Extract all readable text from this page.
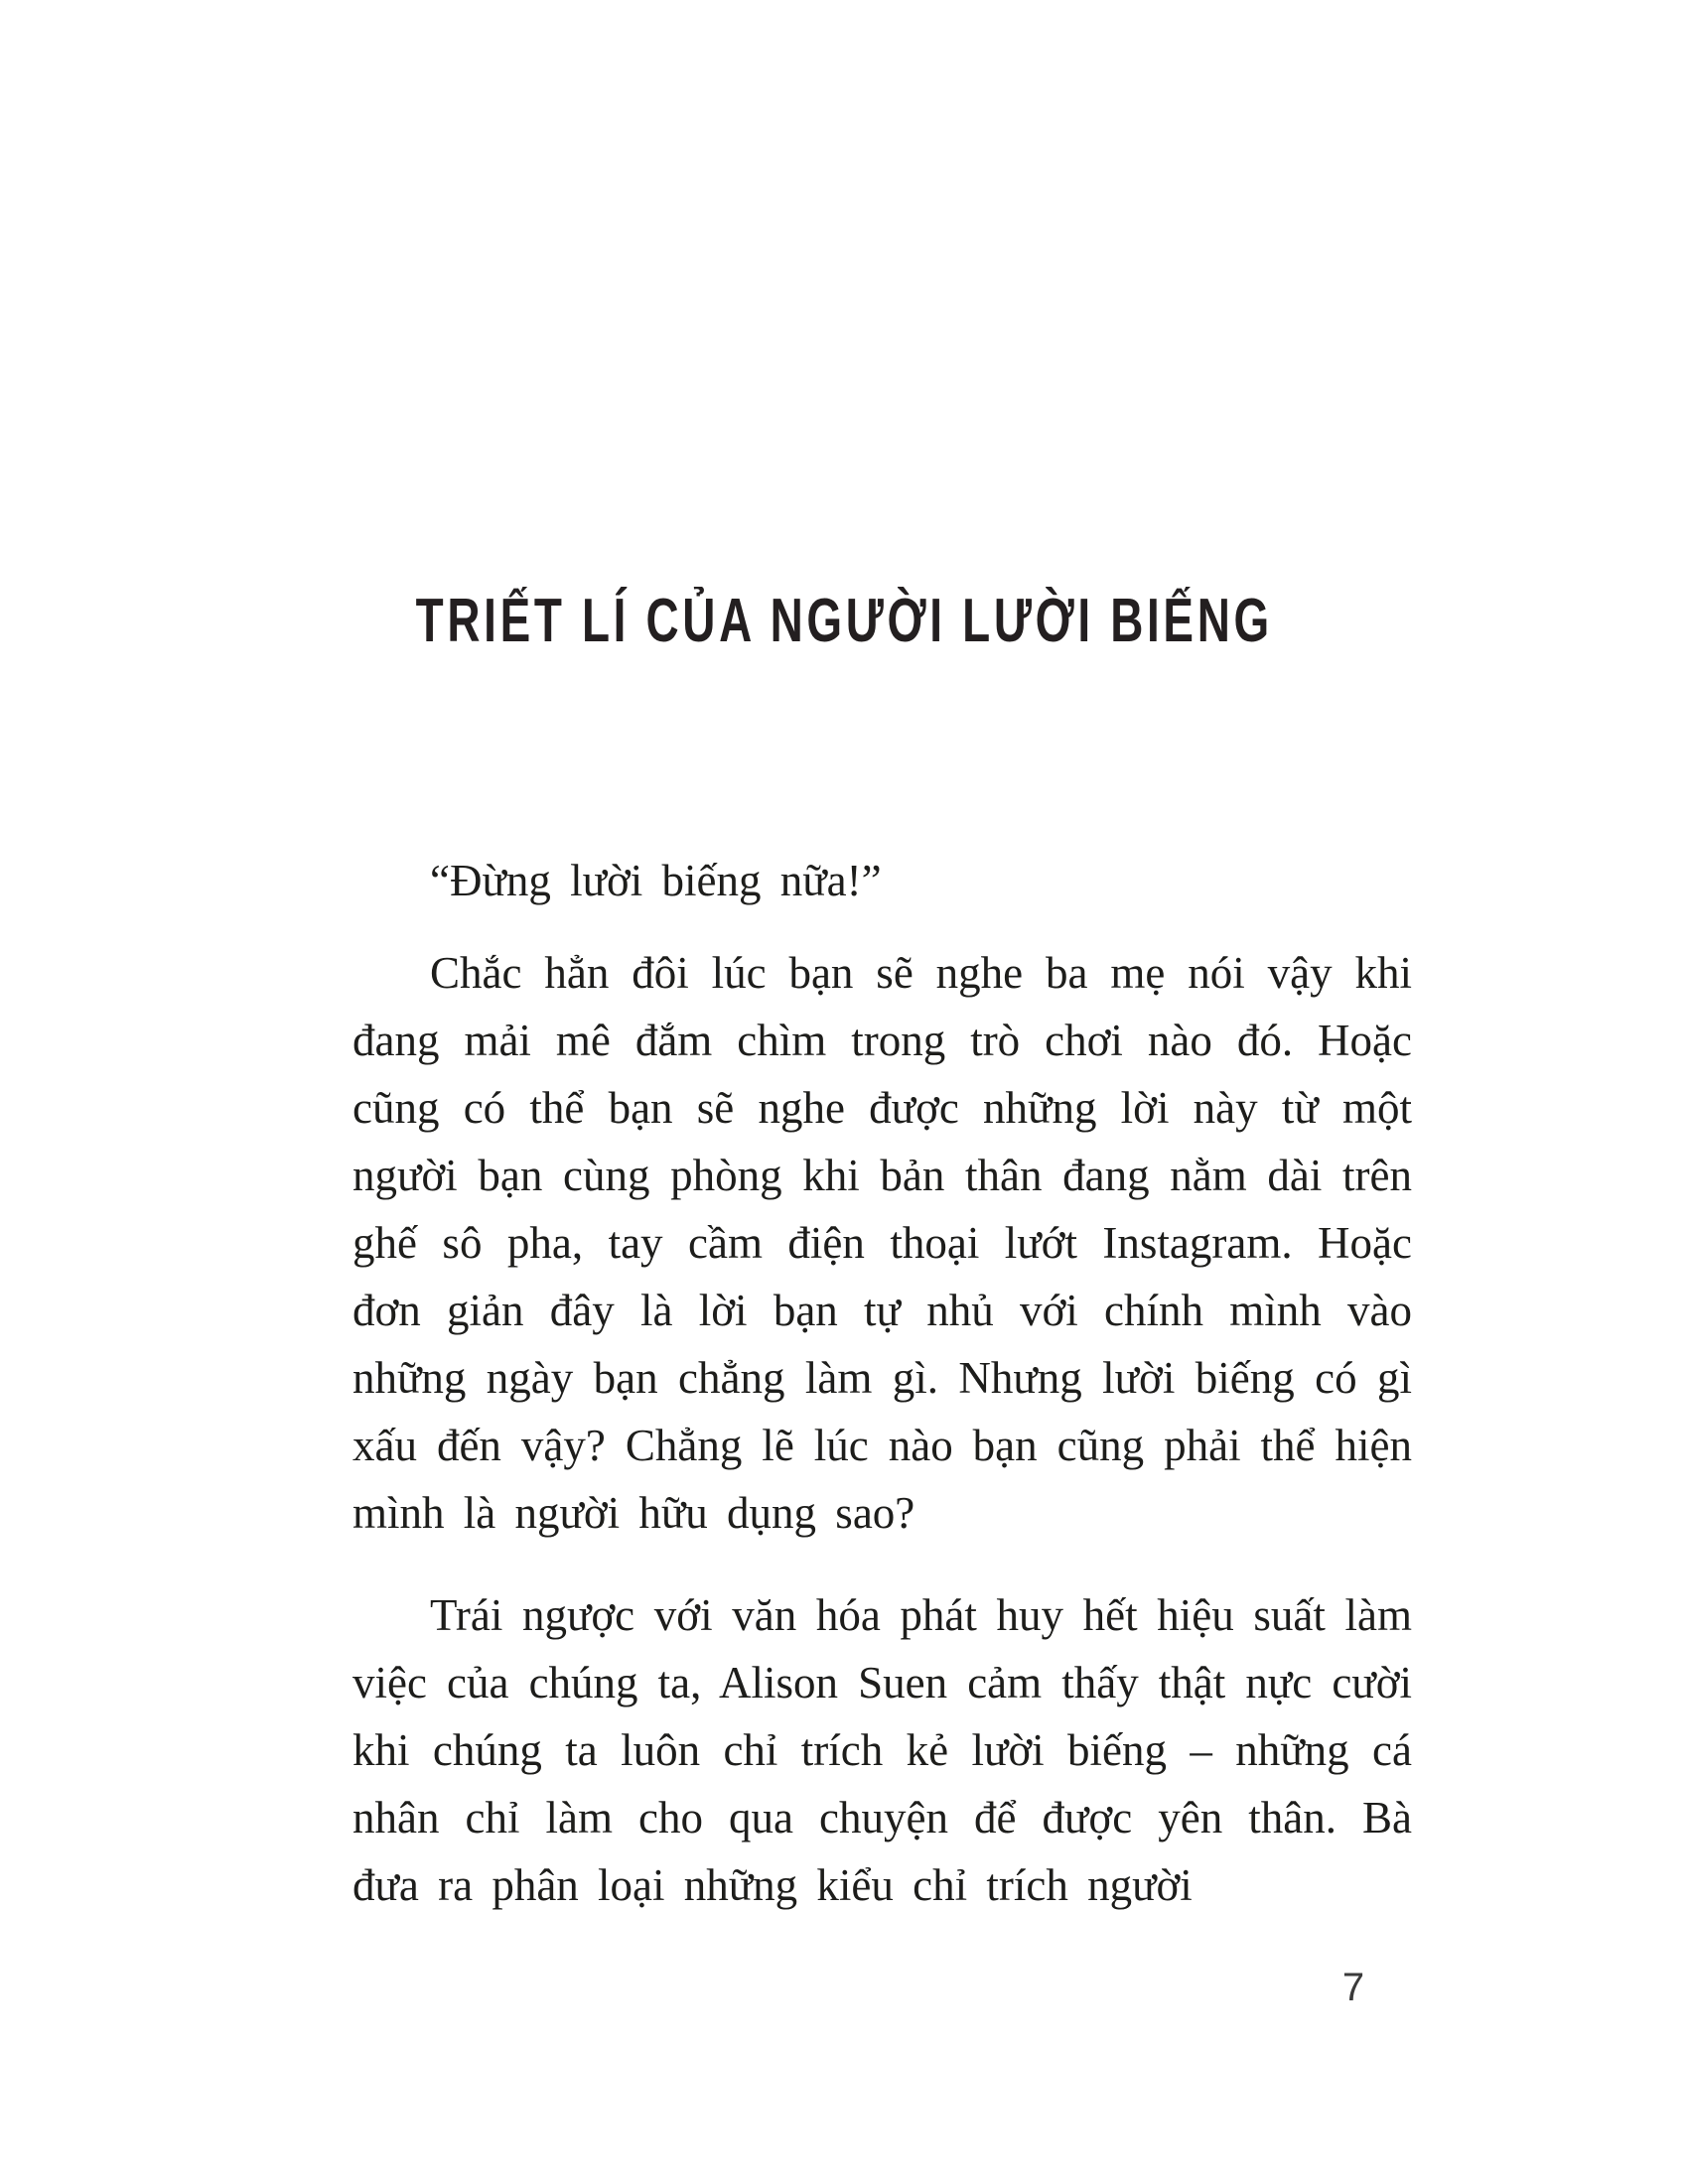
TRIẾT LÍ CỦA NGƯỜI LƯỜI BIẾNG

“Đừng lười biếng nữa!”

Chắc hẳn đôi lúc bạn sẽ nghe ba mẹ nói vậy khi đang mải mê đắm chìm trong trò chơi nào đó. Hoặc cũng có thể bạn sẽ nghe được những lời này từ một người bạn cùng phòng khi bản thân đang nằm dài trên ghế sô pha, tay cầm điện thoại lướt Instagram. Hoặc đơn giản đây là lời bạn tự nhủ với chính mình vào những ngày bạn chẳng làm gì. Nhưng lười biếng có gì xấu đến vậy? Chẳng lẽ lúc nào bạn cũng phải thể hiện mình là người hữu dụng sao?

Trái ngược với văn hóa phát huy hết hiệu suất làm việc của chúng ta, Alison Suen cảm thấy thật nực cười khi chúng ta luôn chỉ trích kẻ lười biếng – những cá nhân chỉ làm cho qua chuyện để được yên thân. Bà đưa ra phân loại những kiểu chỉ trích người

7
